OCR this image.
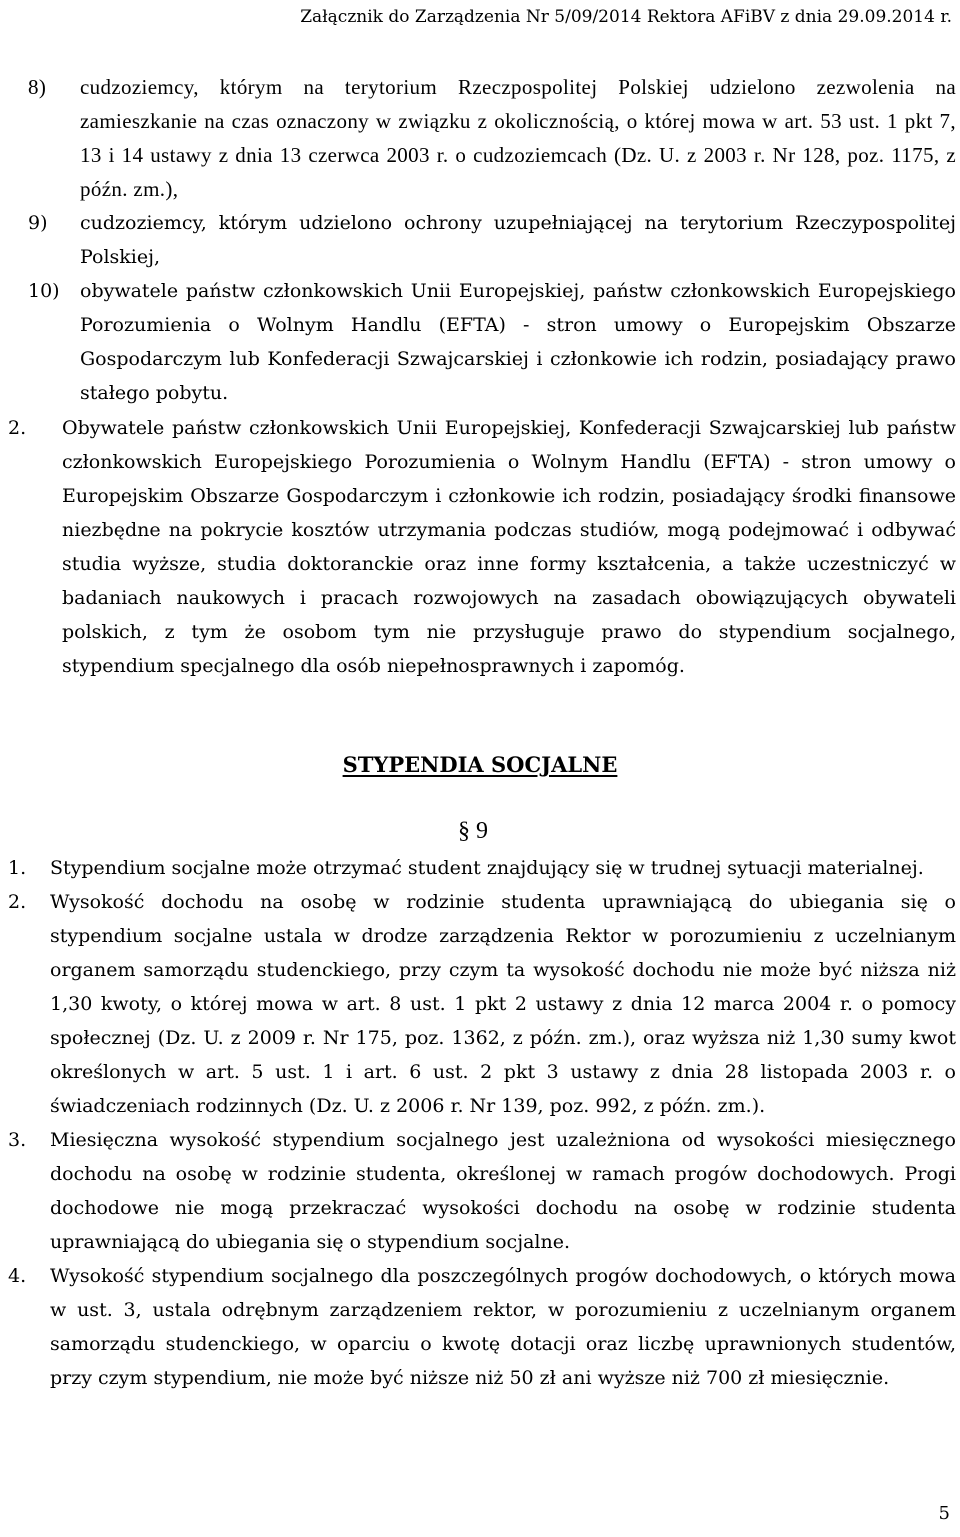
Załącznik do Zarządzenia Nr 5/09/2014 Rektora AFiBV z dnia 29.09.2014 r.
8) cudzoziemcy, którym na terytorium Rzeczpospolitej Polskiej udzielono zezwolenia na zamieszkanie na czas oznaczony w związku z okolicznością, o której mowa w art. 53 ust. 1 pkt 7, 13 i 14 ustawy z dnia 13 czerwca 2003 r. o cudzoziemcach (Dz. U. z 2003 r. Nr 128, poz. 1175, z późn. zm.),
9) cudzoziemcy, którym udzielono ochrony uzupełniającej na terytorium Rzeczypospolitej Polskiej,
10) obywatele państw członkowskich Unii Europejskiej, państw członkowskich Europejskiego Porozumienia o Wolnym Handlu (EFTA) - stron umowy o Europejskim Obszarze Gospodarczym lub Konfederacji Szwajcarskiej i członkowie ich rodzin, posiadający prawo stałego pobytu.
2. Obywatele państw członkowskich Unii Europejskiej, Konfederacji Szwajcarskiej lub państw członkowskich Europejskiego Porozumienia o Wolnym Handlu (EFTA) - stron umowy o Europejskim Obszarze Gospodarczym i członkowie ich rodzin, posiadający środki finansowe niezbędne na pokrycie kosztów utrzymania podczas studiów, mogą podejmować i odbywać studia wyższe, studia doktoranckie oraz inne formy kształcenia, a także uczestniczyć w badaniach naukowych i pracach rozwojowych na zasadach obowiązujących obywateli polskich, z tym że osobom tym nie przysługuje prawo do stypendium socjalnego, stypendium specjalnego dla osób niepełnosprawnych i zapomóg.
STYPENDIA SOCJALNE
§ 9
1. Stypendium socjalne może otrzymać student znajdujący się w trudnej sytuacji materialnej.
2. Wysokość dochodu na osobę w rodzinie studenta uprawniającą do ubiegania się o stypendium socjalne ustala w drodze zarządzenia Rektor w porozumieniu z uczelnianym organem samorządu studenckiego, przy czym ta wysokość dochodu nie może być niższa niż 1,30 kwoty, o której mowa w art. 8 ust. 1 pkt 2 ustawy z dnia 12 marca 2004 r. o pomocy społecznej (Dz. U. z 2009 r. Nr 175, poz. 1362, z późn. zm.), oraz wyższa niż 1,30 sumy kwot określonych w art. 5 ust. 1 i art. 6 ust. 2 pkt 3 ustawy z dnia 28 listopada 2003 r. o świadczeniach rodzinnych (Dz. U. z 2006 r. Nr 139, poz. 992, z późn. zm.).
3. Miesięczna wysokość stypendium socjalnego jest uzależniona od wysokości miesięcznego dochodu na osobę w rodzinie studenta, określonej w ramach progów dochodowych. Progi dochodowe nie mogą przekraczać wysokości dochodu na osobę w rodzinie studenta uprawniającą do ubiegania się o stypendium socjalne.
4. Wysokość stypendium socjalnego dla poszczególnych progów dochodowych, o których mowa w ust. 3, ustala odrębnym zarządzeniem rektor, w porozumieniu z uczelnianym organem samorządu studenckiego, w oparciu o kwotę dotacji oraz liczbę uprawnionych studentów, przy czym stypendium, nie może być niższe niż 50 zł ani wyższe niż 700 zł miesięcznie.
5
